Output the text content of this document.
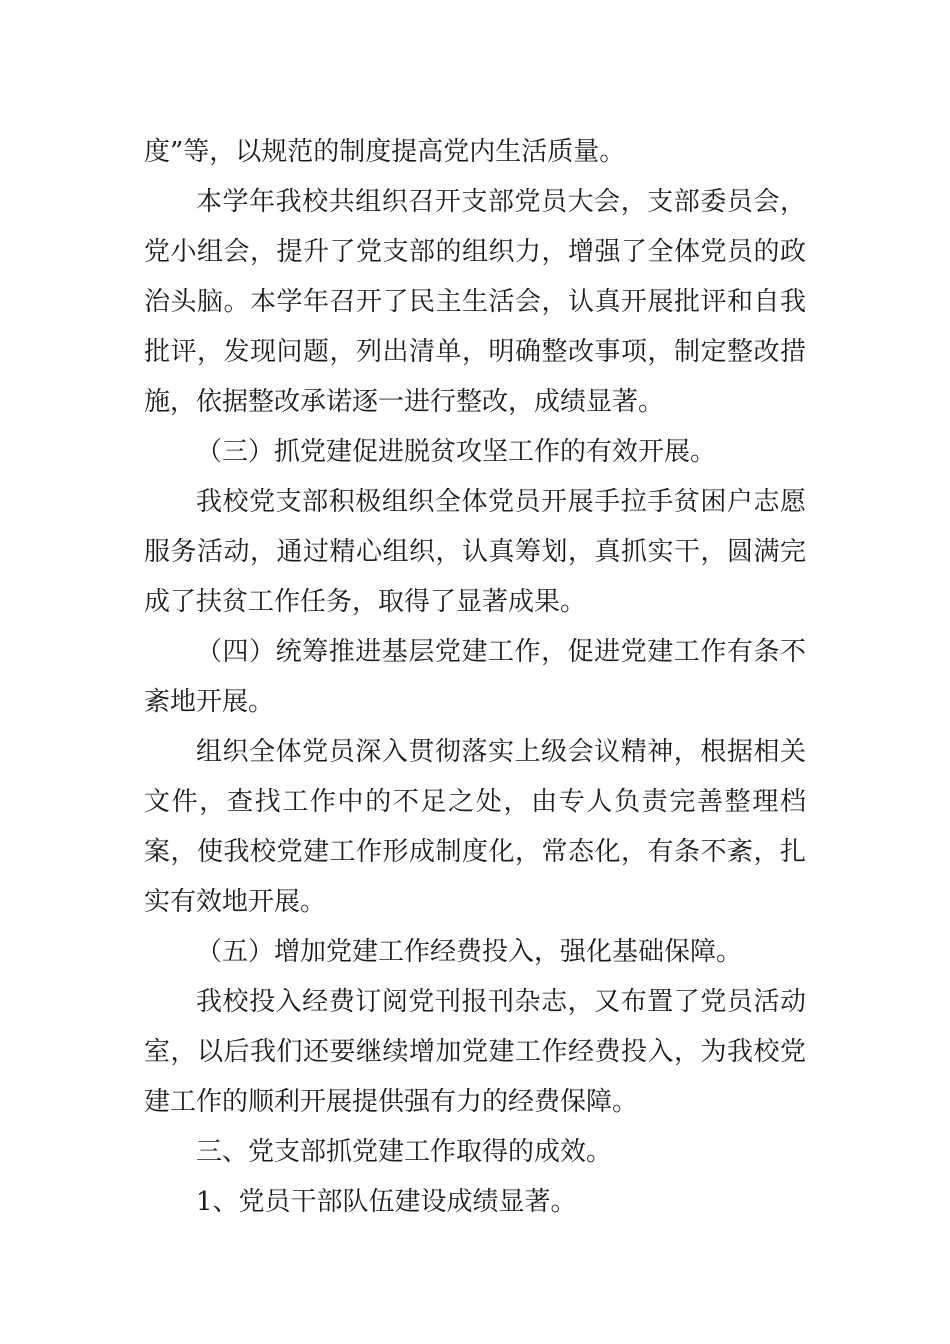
度”等，以规范的制度提高党内生活质量。
本学年我校共组织召开支部党员大会，支部委员会，
党小组会，提升了党支部的组织力，增强了全体党员的政
治头脑。本学年召开了民主生活会，认真开展批评和自我
批评，发现问题，列出清单，明确整改事项，制定整改措
施，依据整改承诺逐一进行整改，成绩显著。
（三）抓党建促进脱贫攻坚工作的有效开展。
我校党支部积极组织全体党员开展手拉手贫困户志愿
服务活动，通过精心组织，认真筹划，真抓实干，圆满完
成了扶贫工作任务，取得了显著成果。
（四）统筹推进基层党建工作，促进党建工作有条不
紊地开展。
组织全体党员深入贯彻落实上级会议精神，根据相关
文件，查找工作中的不足之处，由专人负责完善整理档
案，使我校党建工作形成制度化，常态化，有条不紊，扎
实有效地开展。
（五）增加党建工作经费投入，强化基础保障。
我校投入经费订阅党刊报刊杂志，又布置了党员活动
室，以后我们还要继续增加党建工作经费投入，为我校党
建工作的顺利开展提供强有力的经费保障。
三、党支部抓党建工作取得的成效。
1、党员干部队伍建设成绩显著。
